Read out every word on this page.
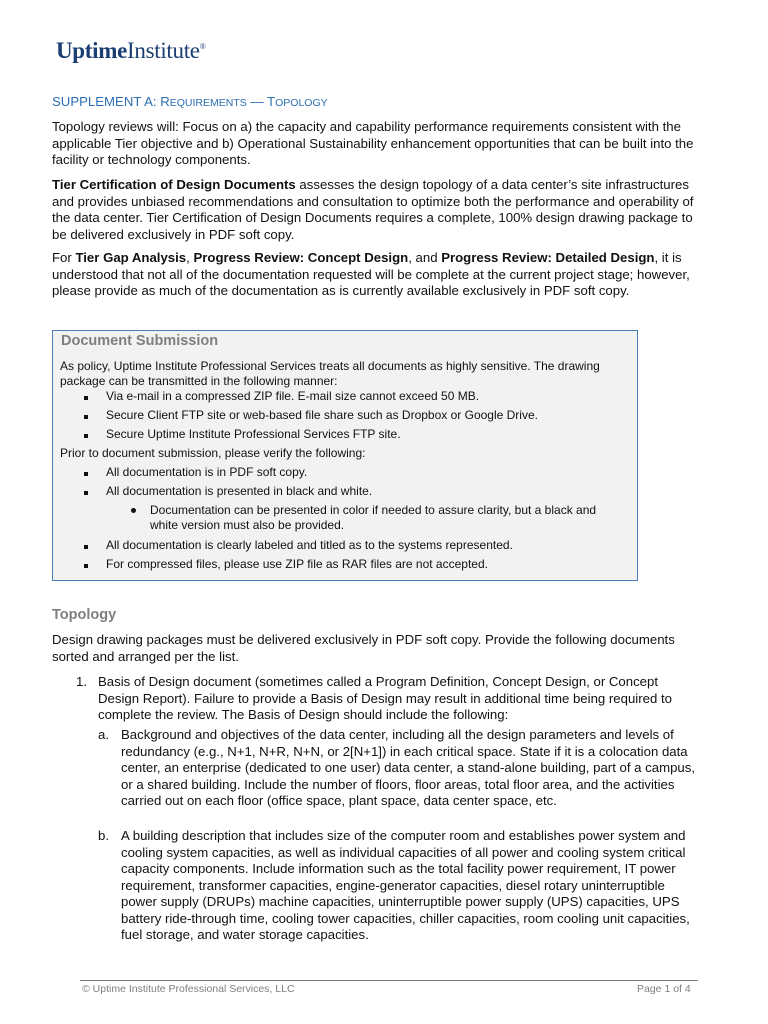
UptimeInstitute®
SUPPLEMENT A: REQUIREMENTS — TOPOLOGY

Topology reviews will: Focus on a) the capacity and capability performance requirements consistent with the applicable Tier objective and b) Operational Sustainability enhancement opportunities that can be built into the facility or technology components.

Tier Certification of Design Documents assesses the design topology of a data center’s site infrastructures and provides unbiased recommendations and consultation to optimize both the performance and operability of the data center. Tier Certification of Design Documents requires a complete, 100% design drawing package to be delivered exclusively in PDF soft copy.

For Tier Gap Analysis, Progress Review: Concept Design, and Progress Review: Detailed Design, it is understood that not all of the documentation requested will be complete at the current project stage; however, please provide as much of the documentation as is currently available exclusively in PDF soft copy.

Document Submission

As policy, Uptime Institute Professional Services treats all documents as highly sensitive. The drawing package can be transmitted in the following manner:

Via e-mail in a compressed ZIP file. E-mail size cannot exceed 50 MB.
Secure Client FTP site or web-based file share such as Dropbox or Google Drive.
Secure Uptime Institute Professional Services FTP site.
Prior to document submission, please verify the following:
All documentation is in PDF soft copy.
All documentation is presented in black and white.
Documentation can be presented in color if needed to assure clarity, but a black and white version must also be provided.
All documentation is clearly labeled and titled as to the systems represented.
For compressed files, please use ZIP file as RAR files are not accepted.
Topology

Design drawing packages must be delivered exclusively in PDF soft copy. Provide the following documents sorted and arranged per the list.

1. Basis of Design document (sometimes called a Program Definition, Concept Design, or Concept Design Report). Failure to provide a Basis of Design may result in additional time being required to complete the review. The Basis of Design should include the following:

a. Background and objectives of the data center, including all the design parameters and levels of redundancy (e.g., N+1, N+R, N+N, or 2[N+1]) in each critical space. State if it is a colocation data center, an enterprise (dedicated to one user) data center, a stand-alone building, part of a campus, or a shared building. Include the number of floors, floor areas, total floor area, and the activities carried out on each floor (office space, plant space, data center space, etc.

b. A building description that includes size of the computer room and establishes power system and cooling system capacities, as well as individual capacities of all power and cooling system critical capacity components. Include information such as the total facility power requirement, IT power requirement, transformer capacities, engine-generator capacities, diesel rotary uninterruptible power supply (DRUPs) machine capacities, uninterruptible power supply (UPS) capacities, UPS battery ride-through time, cooling tower capacities, chiller capacities, room cooling unit capacities, fuel storage, and water storage capacities.

© Uptime Institute Professional Services, LLC	Page 1 of 4
